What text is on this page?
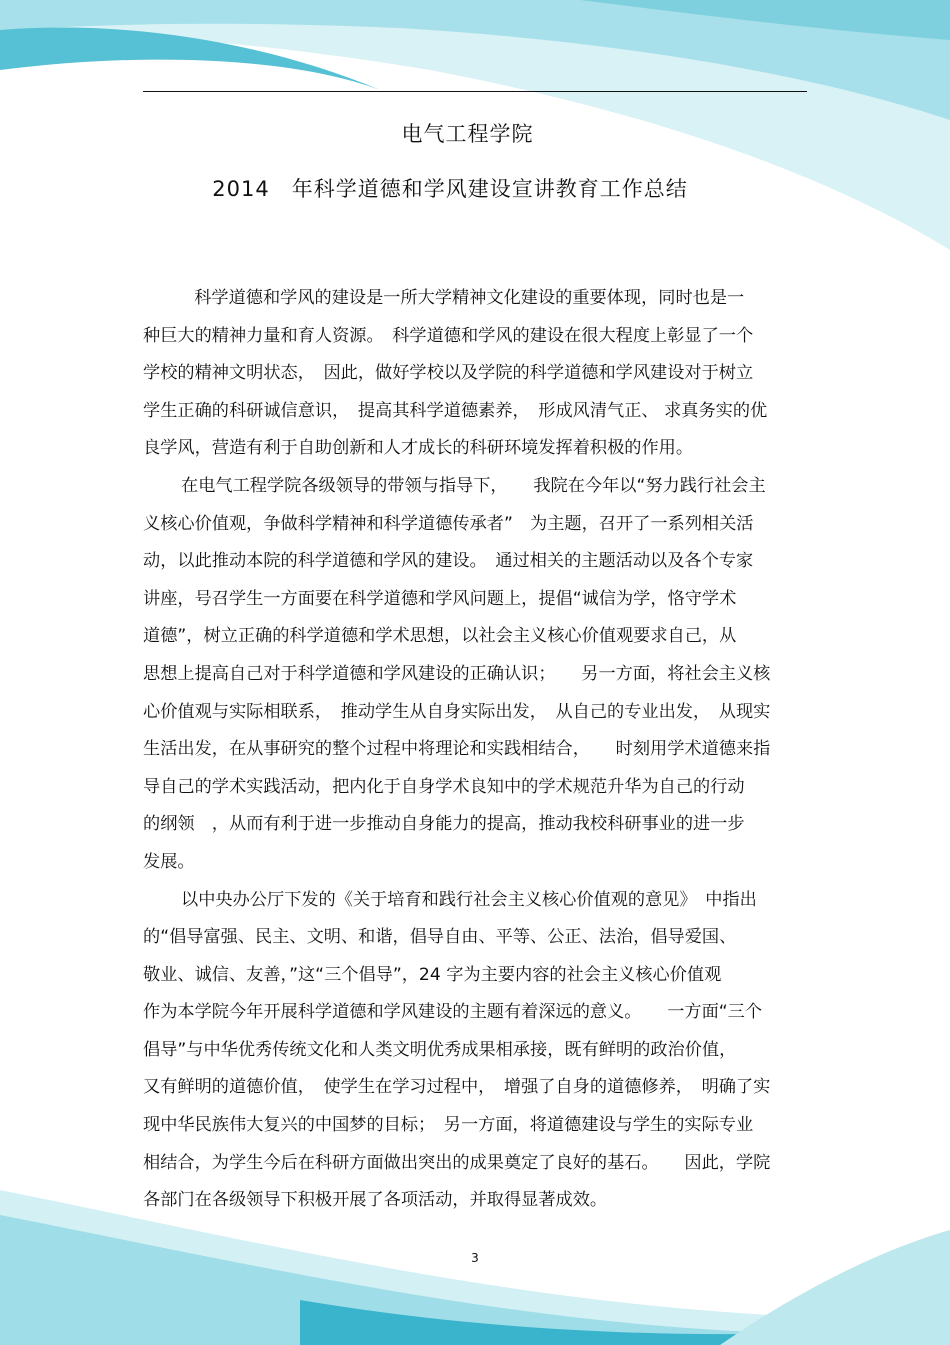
电气工程学院
2014　年科学道德和学风建设宣讲教育工作总结
　科学道德和学风的建设是一所大学精神文化建设的重要体现，同时也是一
种巨大的精神力量和育人资源。　科学道德和学风的建设在很大程度上彰显了一个
学校的精神文明状态，　因此，做好学校以及学院的科学道德和学风建设对于树立
学生正确的科研诚信意识，　提高其科学道德素养，　形成风清气正、 求真务实的优
良学风，营造有利于自助创新和人才成长的科研环境发挥着积极的作用。
在电气工程学院各级领导的带领与指导下，　　我院在今年以“努力践行社会主
义核心价值观，争做科学精神和科学道德传承者”　为主题，召开了一系列相关活
动，以此推动本院的科学道德和学风的建设。　通过相关的主题活动以及各个专家
讲座，号召学生一方面要在科学道德和学风问题上，提倡“诚信为学，恪守学术
道德”，树立正确的科学道德和学术思想，以社会主义核心价值观要求自己，从
思想上提高自己对于科学道德和学风建设的正确认识；　　另一方面，将社会主义核
心价值观与实际相联系，　推动学生从自身实际出发，　从自己的专业出发，　从现实
生活出发，在从事研究的整个过程中将理论和实践相结合，　　时刻用学术道德来指
导自己的学术实践活动，把内化于自身学术良知中的学术规范升华为自己的行动
的纲领　，从而有利于进一步推动自身能力的提高，推动我校科研事业的进一步
发展。
以中央办公厅下发的《关于培育和践行社会主义核心价值观的意见》　中指出
的“倡导富强、民主、文明、和谐，倡导自由、平等、公正、法治，倡导爱国、
敬业、诚信、友善，”这“三个倡导”，24 字为主要内容的社会主义核心价值观
作为本学院今年开展科学道德和学风建设的主题有着深远的意义。　　一方面“三个
倡导”与中华优秀传统文化和人类文明优秀成果相承接，既有鲜明的政治价值，
又有鲜明的道德价值，　使学生在学习过程中，　增强了自身的道德修养，　明确了实
现中华民族伟大复兴的中国梦的目标；　另一方面，将道德建设与学生的实际专业
相结合，为学生今后在科研方面做出突出的成果奠定了良好的基石。　　因此，学院
各部门在各级领导下积极开展了各项活动，并取得显著成效。
3
